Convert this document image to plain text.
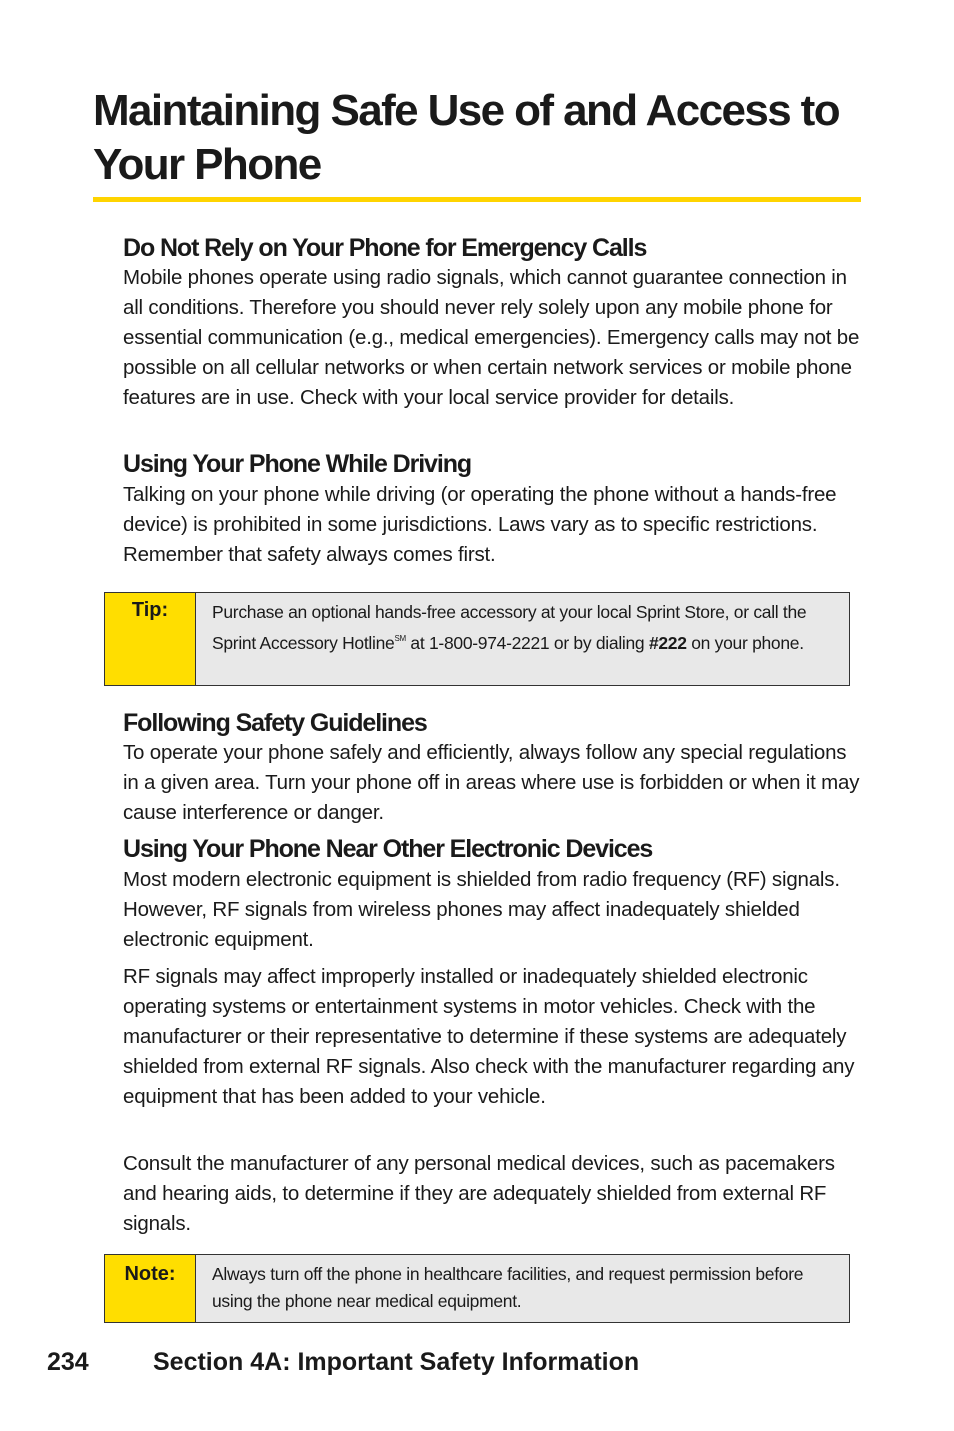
Maintaining Safe Use of and Access to Your Phone
Do Not Rely on Your Phone for Emergency Calls

Mobile phones operate using radio signals, which cannot guarantee connection in all conditions. Therefore you should never rely solely upon any mobile phone for essential communication (e.g., medical emergencies). Emergency calls may not be possible on all cellular networks or when certain network services or mobile phone features are in use. Check with your local service provider for details.

Using Your Phone While Driving

Talking on your phone while driving (or operating the phone without a hands-free device) is prohibited in some jurisdictions. Laws vary as to specific restrictions. Remember that safety always comes first.

Tip:	Purchase an optional hands-free accessory at your local Sprint Store, or call the Sprint Accessory Hotline℠ at 1-800-974-2221 or by dialing #222 on your phone.
Following Safety Guidelines

To operate your phone safely and efficiently, always follow any special regulations in a given area. Turn your phone off in areas where use is forbidden or when it may cause interference or danger.

Using Your Phone Near Other Electronic Devices

Most modern electronic equipment is shielded from radio frequency (RF) signals. However, RF signals from wireless phones may affect inadequately shielded electronic equipment.

RF signals may affect improperly installed or inadequately shielded electronic operating systems or entertainment systems in motor vehicles. Check with the manufacturer or their representative to determine if these systems are adequately shielded from external RF signals. Also check with the manufacturer regarding any equipment that has been added to your vehicle.

Consult the manufacturer of any personal medical devices, such as pacemakers and hearing aids, to determine if they are adequately shielded from external RF signals.

Note:	Always turn off the phone in healthcare facilities, and request permission before using the phone near medical equipment.
234	Section 4A: Important Safety Information
